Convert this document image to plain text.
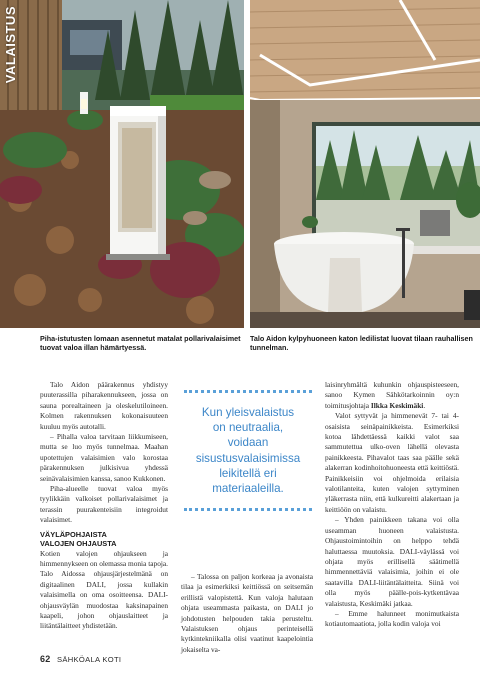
VALAISTUS
Piha-istutusten lomaan asennetut matalat pollarivalaisimet tuovat valoa illan hämärtyessä.
Talo Aidon kylpyhuoneen katon ledilistat luovat tilaan rauhallisen tunnelman.

Talo Aidon päärakennus yhdistyy puuterassilla piharakennukseen, jossa on sauna porealtaineen ja oleskelutiloineen. Kolmen rakennuksen kokonaisuuteen kuuluu myös autotalli.

– Pihalla valoa tarvitaan liikkumiseen, mutta se luo myös tunnelmaa. Maahan upotettujen valaisimien valo korostaa pärakennuksen julkisivua yhdessä seinävalaisimien kanssa, sanoo Kukkonen.

Piha-alueelle tuovat valoa myös tyylikkäin valkoiset pollarivalaisimet ja terassin puurakenteisiin integroidut valaisimet.

VÄYLÄPOHJAISTA
VALOJEN OHJAUSTA

Kotien valojen ohjaukseen ja himmennykseen on olemassa monia tapoja. Talo Aidossa ohjausjärjestelmänä on digitaalinen DALI, jossa kullakin valaisimella on oma osoitteensa. DALI-ohjausväylän muodostaa kaksinapainen kaapeli, johon ohjauslaitteet ja liitäntälaitteet yhdistetään.

Kun yleisvalaistus
on neutraalia,
voidaan
sisustusvalaisimissa
leikitellä eri
materiaaleilla.

– Talossa on paljon korkeaa ja avonaista tilaa ja esimerkiksi keittiössä on seitsemän erillistä valopistettä. Kun valoja halutaan ohjata useammasta paikasta, on DALI jo johdotusten helpouden takia perusteltu. Valaistuksen ohjaus perinteisellä kytkintekniikalla olisi vaatinut kaapelointia jokaiselta va-

laisinryhmältä kuhunkin ohjauspisteeseen, sanoo Kymen Sähkötarkoinnin oy:n toimitusjohtaja Ilkka Keskimäki.

Valot syttyvät ja himmenevät 7- tai 4-osaisista seinäpainikkeista. Esimerkiksi kotoa lähdettäessä kaikki valot saa sammutettua ulko-oven lähellä olevasta painikkeesta. Pihavalot taas saa päälle sekä alakerran kodinhoitohuoneesta että keittiöstä. Painikkeisiin voi ohjelmoida erilaisia valotilanteita, kuten valojen syttyminen yläkerrasta niin, että kulkureitti alakertaan ja keittiöön on valaistu.

– Yhden painikkeen takana voi olla useamman huoneen valaistusta. Ohjaustoimintoihin on helppo tehdä haluttaessa muutoksia. DALI-väylässä voi ohjata myös erillisellä säätimellä himmennettäviä valaisimia, joihin ei ole saatavilla DALI-liitäntälaitteita. Siinä voi olla myös päälle-pois-kytkentävaa valaistusta, Keskimäki jatkaa.

– Emme halunneet monimutkaista kotiautomaatiota, jolla kodin valoja voi

62 SÄHKÖALA KOTI
